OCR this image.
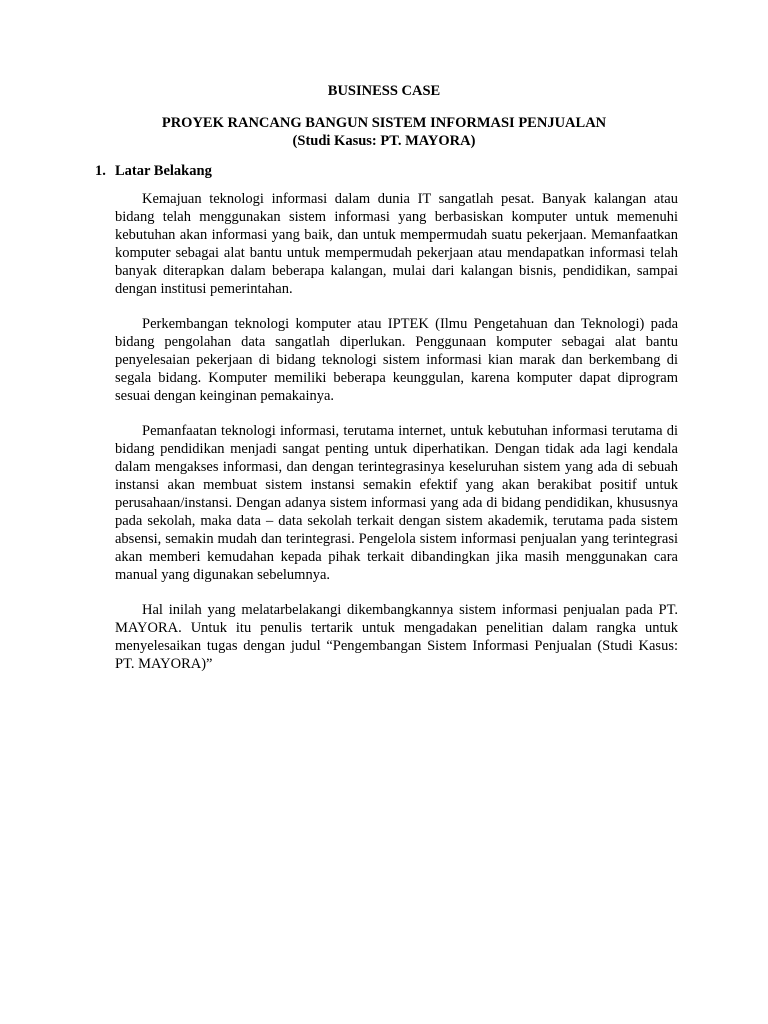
BUSINESS CASE
PROYEK RANCANG BANGUN SISTEM INFORMASI PENJUALAN
(Studi Kasus: PT. MAYORA)
1. Latar Belakang

Kemajuan teknologi informasi dalam dunia IT sangatlah pesat. Banyak kalangan atau bidang telah menggunakan sistem informasi yang berbasiskan komputer untuk memenuhi kebutuhan akan informasi yang baik, dan untuk mempermudah suatu pekerjaan. Memanfaatkan komputer sebagai alat bantu untuk mempermudah pekerjaan atau mendapatkan informasi telah banyak diterapkan dalam beberapa kalangan, mulai dari kalangan bisnis, pendidikan, sampai dengan institusi pemerintahan.

Perkembangan teknologi komputer atau IPTEK (Ilmu Pengetahuan dan Teknologi) pada bidang pengolahan data sangatlah diperlukan. Penggunaan komputer sebagai alat bantu penyelesaian pekerjaan di bidang teknologi sistem informasi kian marak dan berkembang di segala bidang. Komputer memiliki beberapa keunggulan, karena komputer dapat diprogram sesuai dengan keinginan pemakainya.

Pemanfaatan teknologi informasi, terutama internet, untuk kebutuhan informasi terutama di bidang pendidikan menjadi sangat penting untuk diperhatikan. Dengan tidak ada lagi kendala dalam mengakses informasi, dan dengan terintegrasinya keseluruhan sistem yang ada di sebuah instansi akan membuat sistem instansi semakin efektif yang akan berakibat positif untuk perusahaan/instansi. Dengan adanya sistem informasi yang ada di bidang pendidikan, khususnya pada sekolah, maka data – data sekolah terkait dengan sistem akademik, terutama pada sistem absensi, semakin mudah dan terintegrasi. Pengelola sistem informasi penjualan yang terintegrasi akan memberi kemudahan kepada pihak terkait dibandingkan jika masih menggunakan cara manual yang digunakan sebelumnya.

Hal inilah yang melatarbelakangi dikembangkannya sistem informasi penjualan pada PT. MAYORA. Untuk itu penulis tertarik untuk mengadakan penelitian dalam rangka untuk menyelesaikan tugas dengan judul “Pengembangan Sistem Informasi Penjualan (Studi Kasus: PT. MAYORA)”
